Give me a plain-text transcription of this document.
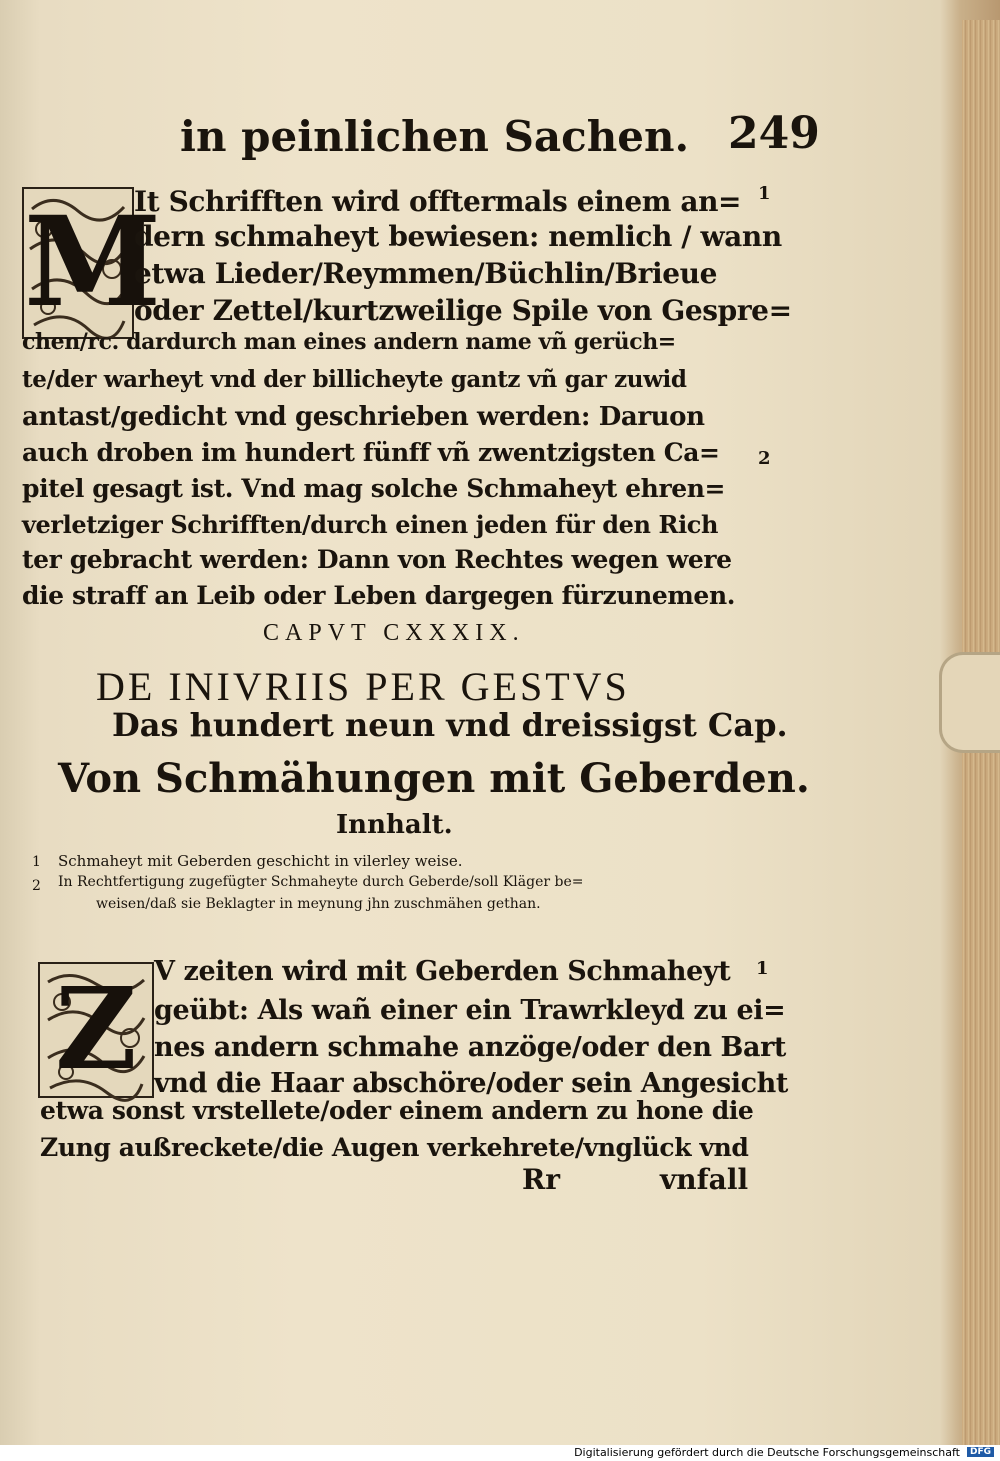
in peinlichen Sachen. 249
M
It Schrifften wird offtermals einem an=
dern schmaheyt bewiesen: nemlich / wann
etwa Lieder/Reymmen/Büchlin/Brieue
oder Zettel/kurtzweilige Spile von Gespre=
chen/rc. dardurch man eines andern name vñ gerüch=
te/der warheyt vnd der billicheyte gantz vñ gar zuwid
antast/gedicht vnd geschrieben werden: Daruon
auch droben im hundert fünff vñ zwentzigsten Ca=
pitel gesagt ist. Vnd mag solche Schmaheyt ehren=
verletziger Schrifften/durch einen jeden für den Rich
ter gebracht werden: Dann von Rechtes wegen were
die straff an Leib oder Leben dargegen fürzunemen.
1
2
CAPVT CXXXIX.
DE INIVRIIS PER GESTVS
Das hundert neun vnd dreissigst Cap.
Von Schmähungen mit Geberden.
Innhalt.
1 Schmaheyt mit Geberden geschicht in vilerley weise.
2 In Rechtfertigung zugefügter Schmaheyte durch Geberde/soll Kläger be=
weisen/daß sie Beklagter in meynung jhn zuschmähen gethan.
Z V zeiten wird mit Geberden Schmaheyt
geübt: Als wañ einer ein Trawrkleyd zu ei=
nes andern schmahe anzöge/oder den Bart
vnd die Haar abschöre/oder sein Angesicht
etwa sonst vrstellete/oder einem andern zu hone die
Zung außreckete/die Augen verkehrete/vnglück vnd
1
Rr	vnfall
Digitalisierung gefördert durch die Deutsche Forschungsgemeinschaft	DFG
